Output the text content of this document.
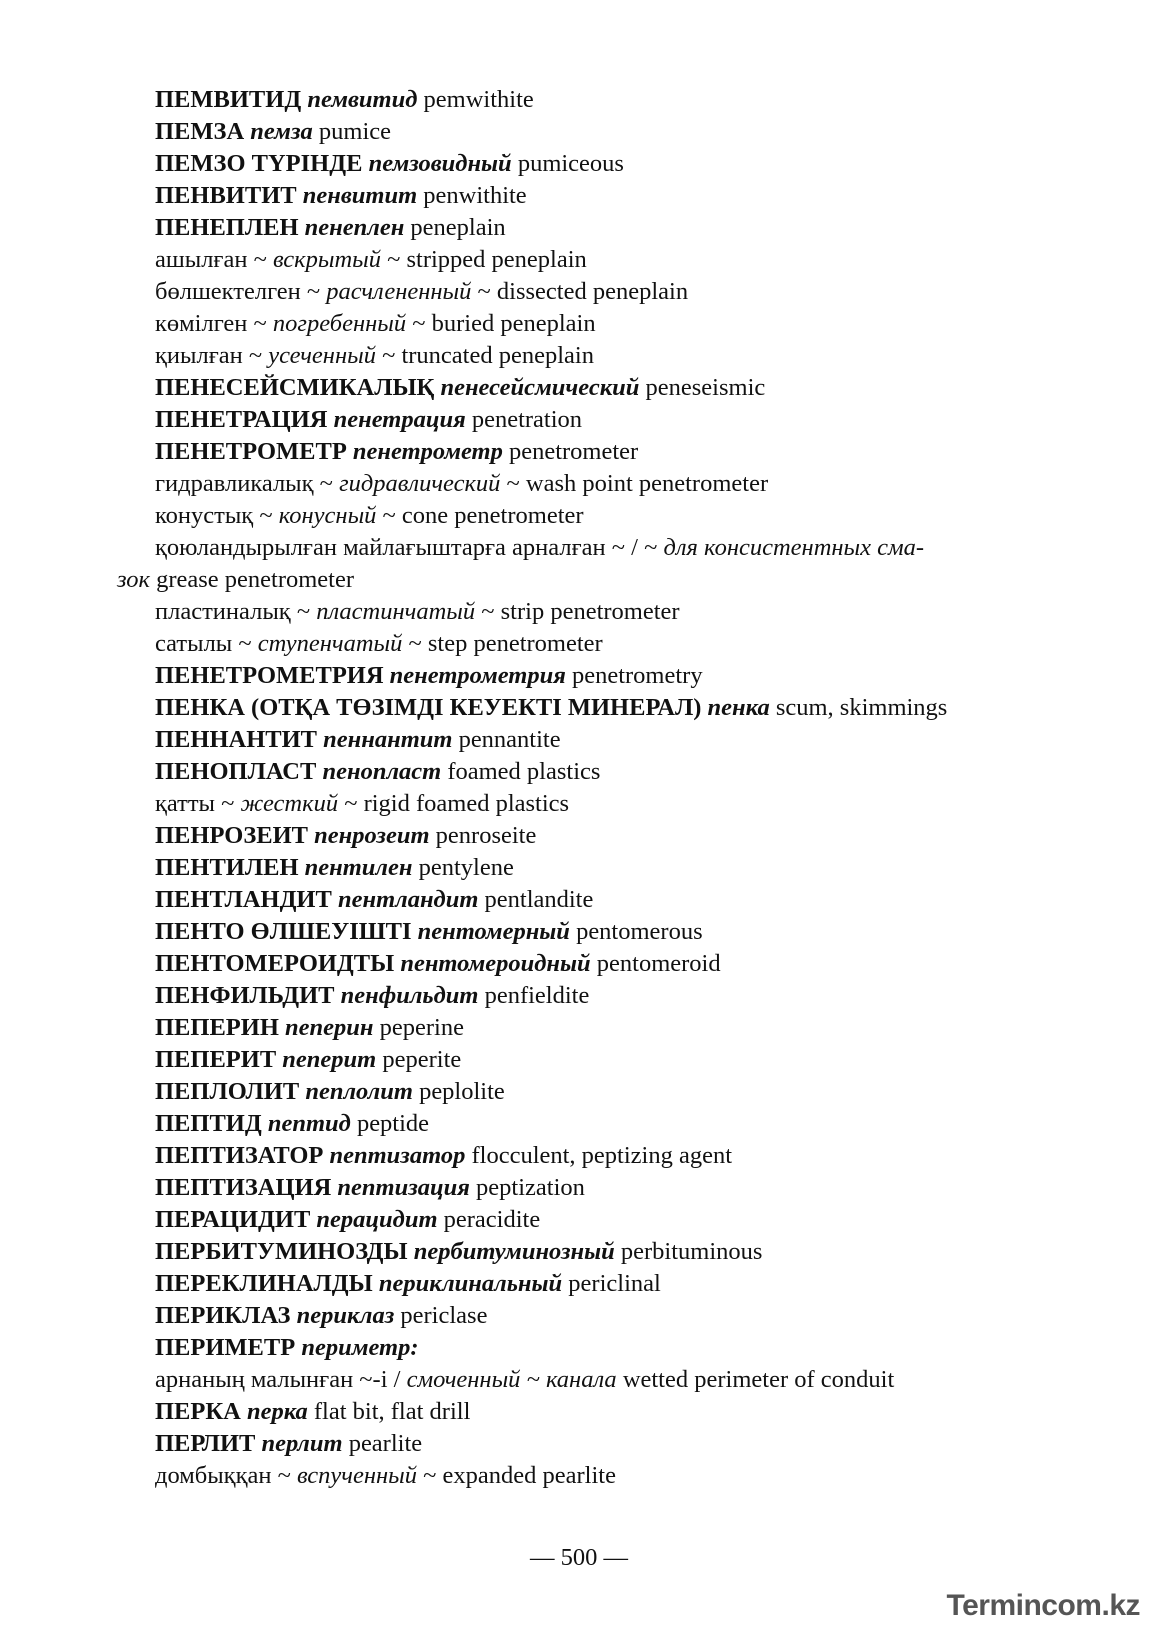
ПЕМВИТИД пемвитид pemwithite
ПЕМЗА пемза pumice
ПЕМЗО ТҮРІНДЕ пемзовидный pumiceous
ПЕНВИТИТ пенвитит penwithite
ПЕНЕПЛЕН пенеплен peneplain
ашылған ~ вскрытый ~ stripped peneplain
бөлшектелген ~ расчлененный ~ dissected peneplain
көмілген ~ погребенный ~ buried peneplain
қиылған ~ усеченный ~ truncated peneplain
ПЕНЕСЕЙСМИКАЛЫҚ пенесейсмический peneseismic
ПЕНЕТРАЦИЯ пенетрация penetration
ПЕНЕТРОМЕТР пенетрометр penetrometer
гидравликалық ~ гидравлический ~ wash point penetrometer
конустық ~ конусный ~ cone penetrometer
қоюландырылған майлағыштарға арналған ~ / ~ для консистентных сма-
зок grease penetrometer
пластиналық ~ пластинчатый ~ strip penetrometer
сатылы ~ ступенчатый ~ step penetrometer
ПЕНЕТРОМЕТРИЯ пенетрометрия penetrometry
ПЕНКА (ОТҚА ТӨЗІМДІ КЕУЕКТІ МИНЕРАЛ) пенка scum, skimmings
ПЕННАНТИТ пеннантит pennantite
ПЕНОПЛАСТ пенопласт foamed plastics
қатты ~ жесткий ~ rigid foamed plastics
ПЕНРОЗЕИТ пенрозеит penroseite
ПЕНТИЛЕН пентилен pentylene
ПЕНТЛАНДИТ пентландит pentlandite
ПЕНТО ӨЛШЕУІШТІ пентомерный pentomerous
ПЕНТОМЕРОИДТЫ пентомероидный pentomeroid
ПЕНФИЛЬДИТ пенфильдит penfieldite
ПЕПЕРИН пеперин peperine
ПЕПЕРИТ пеперит peperite
ПЕПЛОЛИТ пеплолит peplolite
ПЕПТИД пептид peptide
ПЕПТИЗАТОР пептизатор flocculent, peptizing agent
ПЕПТИЗАЦИЯ пептизация peptization
ПЕРАЦИДИТ перацидит peracidite
ПЕРБИТУМИНОЗДЫ пербитуминозный perbituminous
ПЕРЕКЛИНАЛДЫ периклинальный periclinal
ПЕРИКЛАЗ периклаз periclase
ПЕРИМЕТР периметр:
арнаның малынған ~-і / смоченный ~ канала wetted perimeter of conduit
ПЕРКА перка flat bit, flat drill
ПЕРЛИТ перлит pearlite
домбыққан ~ вспученный ~ expanded pearlite
— 500 —
Termincom.kz
